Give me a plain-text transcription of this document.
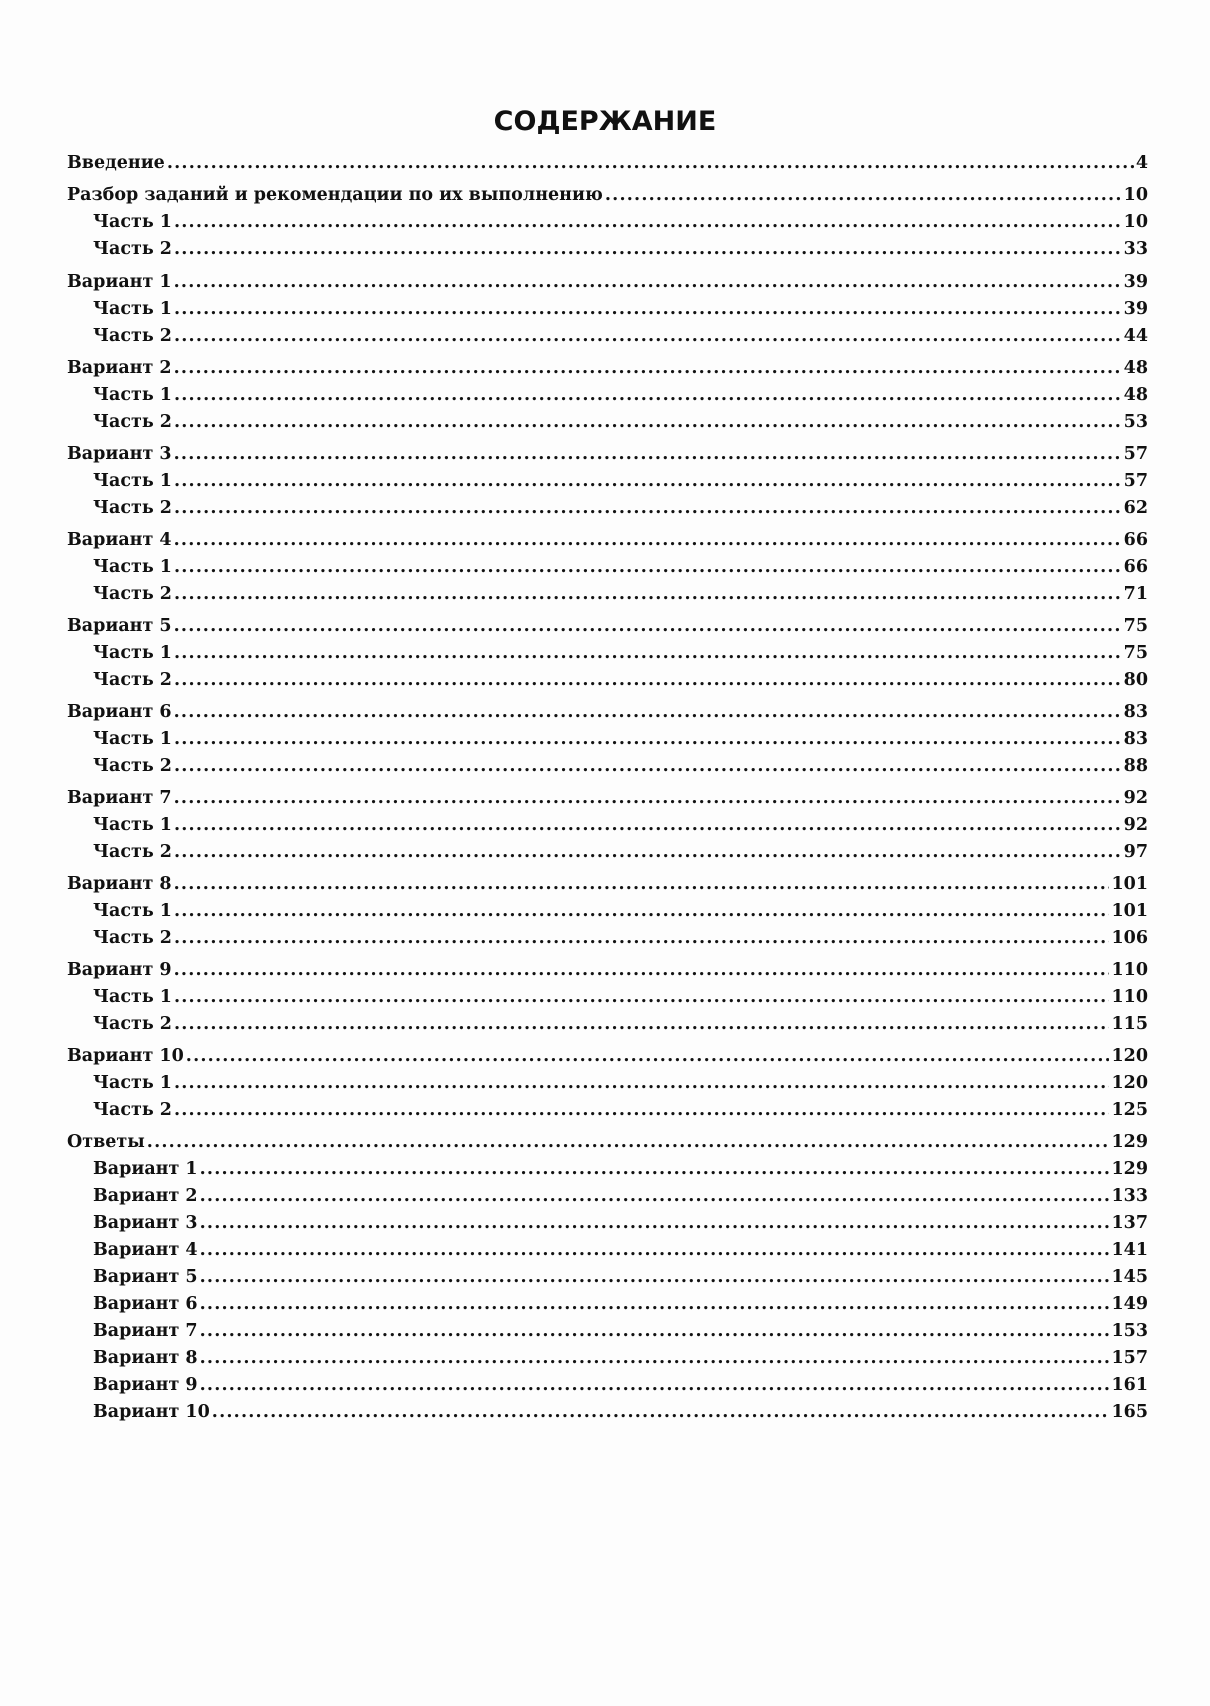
СОДЕРЖАНИЕ
Введение .....	4
Разбор заданий и рекомендации по их выполнению .....	10
Часть 1 .....	10
Часть 2 .....	33
Вариант 1 .....	39
Часть 1 .....	39
Часть 2 .....	44
Вариант 2 .....	48
Часть 1 .....	48
Часть 2 .....	53
Вариант 3 .....	57
Часть 1 .....	57
Часть 2 .....	62
Вариант 4 .....	66
Часть 1 .....	66
Часть 2 .....	71
Вариант 5 .....	75
Часть 1 .....	75
Часть 2 .....	80
Вариант 6 .....	83
Часть 1 .....	83
Часть 2 .....	88
Вариант 7 .....	92
Часть 1 .....	92
Часть 2 .....	97
Вариант 8 .....	101
Часть 1 .....	101
Часть 2 .....	106
Вариант 9 .....	110
Часть 1 .....	110
Часть 2 .....	115
Вариант 10 .....	120
Часть 1 .....	120
Часть 2 .....	125
Ответы .....	129
Вариант 1 .....	129
Вариант 2 .....	133
Вариант 3 .....	137
Вариант 4 .....	141
Вариант 5 .....	145
Вариант 6 .....	149
Вариант 7 .....	153
Вариант 8 .....	157
Вариант 9 .....	161
Вариант 10 .....	165
